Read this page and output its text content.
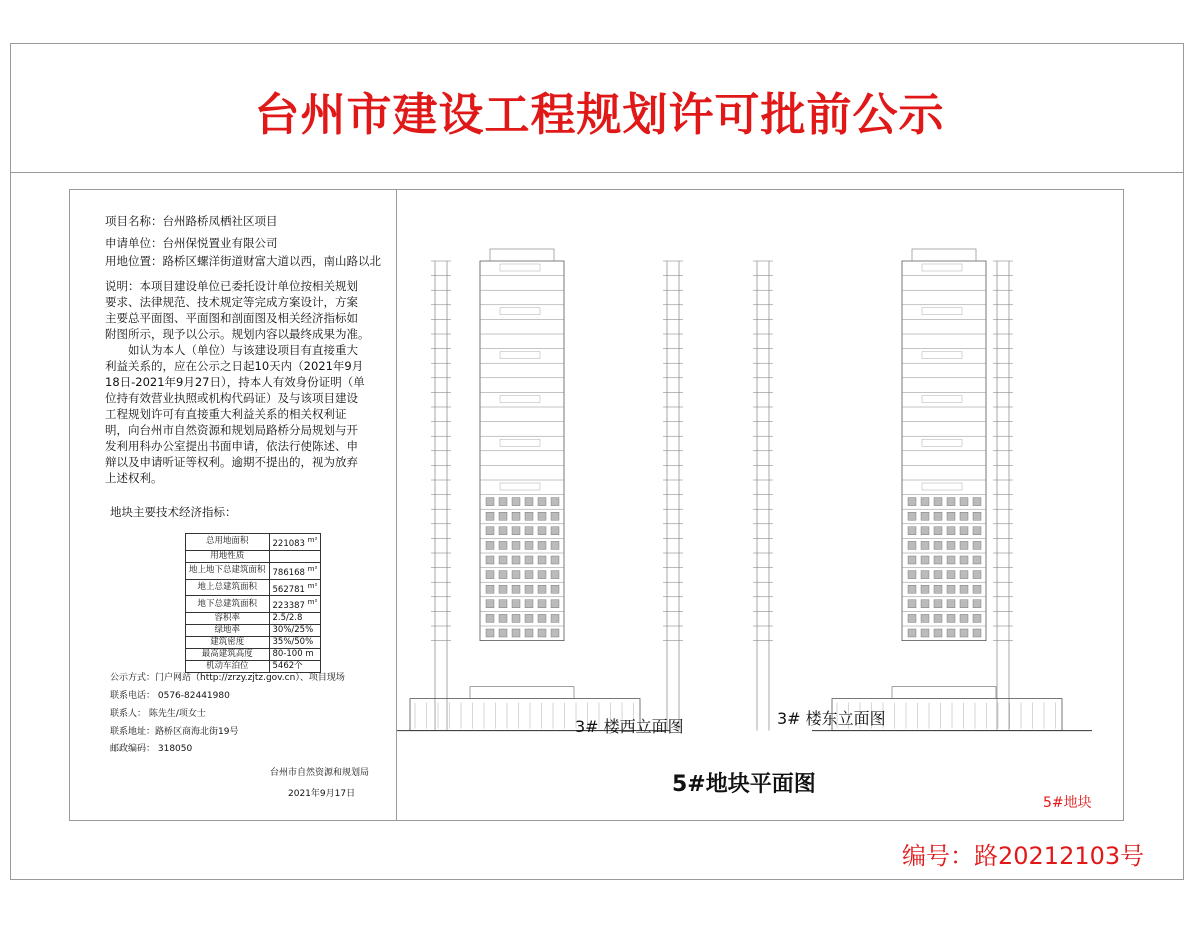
台州市建设工程规划许可批前公示
项目名称：台州路桥凤栖社区项目
申请单位：台州保悦置业有限公司
用地位置：路桥区螺洋街道财富大道以西，南山路以北
说明：本项目建设单位已委托设计单位按相关规划
要求、法律规范、技术规定等完成方案设计，方案
主要总平面图、平面图和剖面图及相关经济指标如
附图所示，现予以公示。规划内容以最终成果为准。
如认为本人（单位）与该建设项目有直接重大
利益关系的，应在公示之日起10天内（2021年9月
18日-2021年9月27日），持本人有效身份证明（单
位持有效营业执照或机构代码证）及与该项目建设
工程规划许可有直接重大利益关系的相关权利证
明，向台州市自然资源和规划局路桥分局规划与开
发利用科办公室提出书面申请，依法行使陈述、申
辩以及申请听证等权利。逾期不提出的，视为放弃
上述权利。
地块主要技术经济指标：
总用地面积	221083 $^{m^2}$
用地性质	
地上地下总建筑面积	786168 $^{m^2}$
地上总建筑面积	562781 $^{m^2}$
地下总建筑面积	223387 $^{m^2}$
容积率	2.5/2.8
绿地率	30%/25%
建筑密度	35%/50%
最高建筑高度	80-100 m
机动车泊位	5462个
公示方式：门户网站（http://zrzy.zjtz.gov.cn）、项目现场
联系电话： 0576-82441980
联系人： 陈先生/项女士
联系地址：路桥区商海北街19号
邮政编码： 318050
台州市自然资源和规划局
2021年9月17日
3# 楼西立面图	3# 楼东立面图
5#地块平面图
5#地块
编号：路20212103号
